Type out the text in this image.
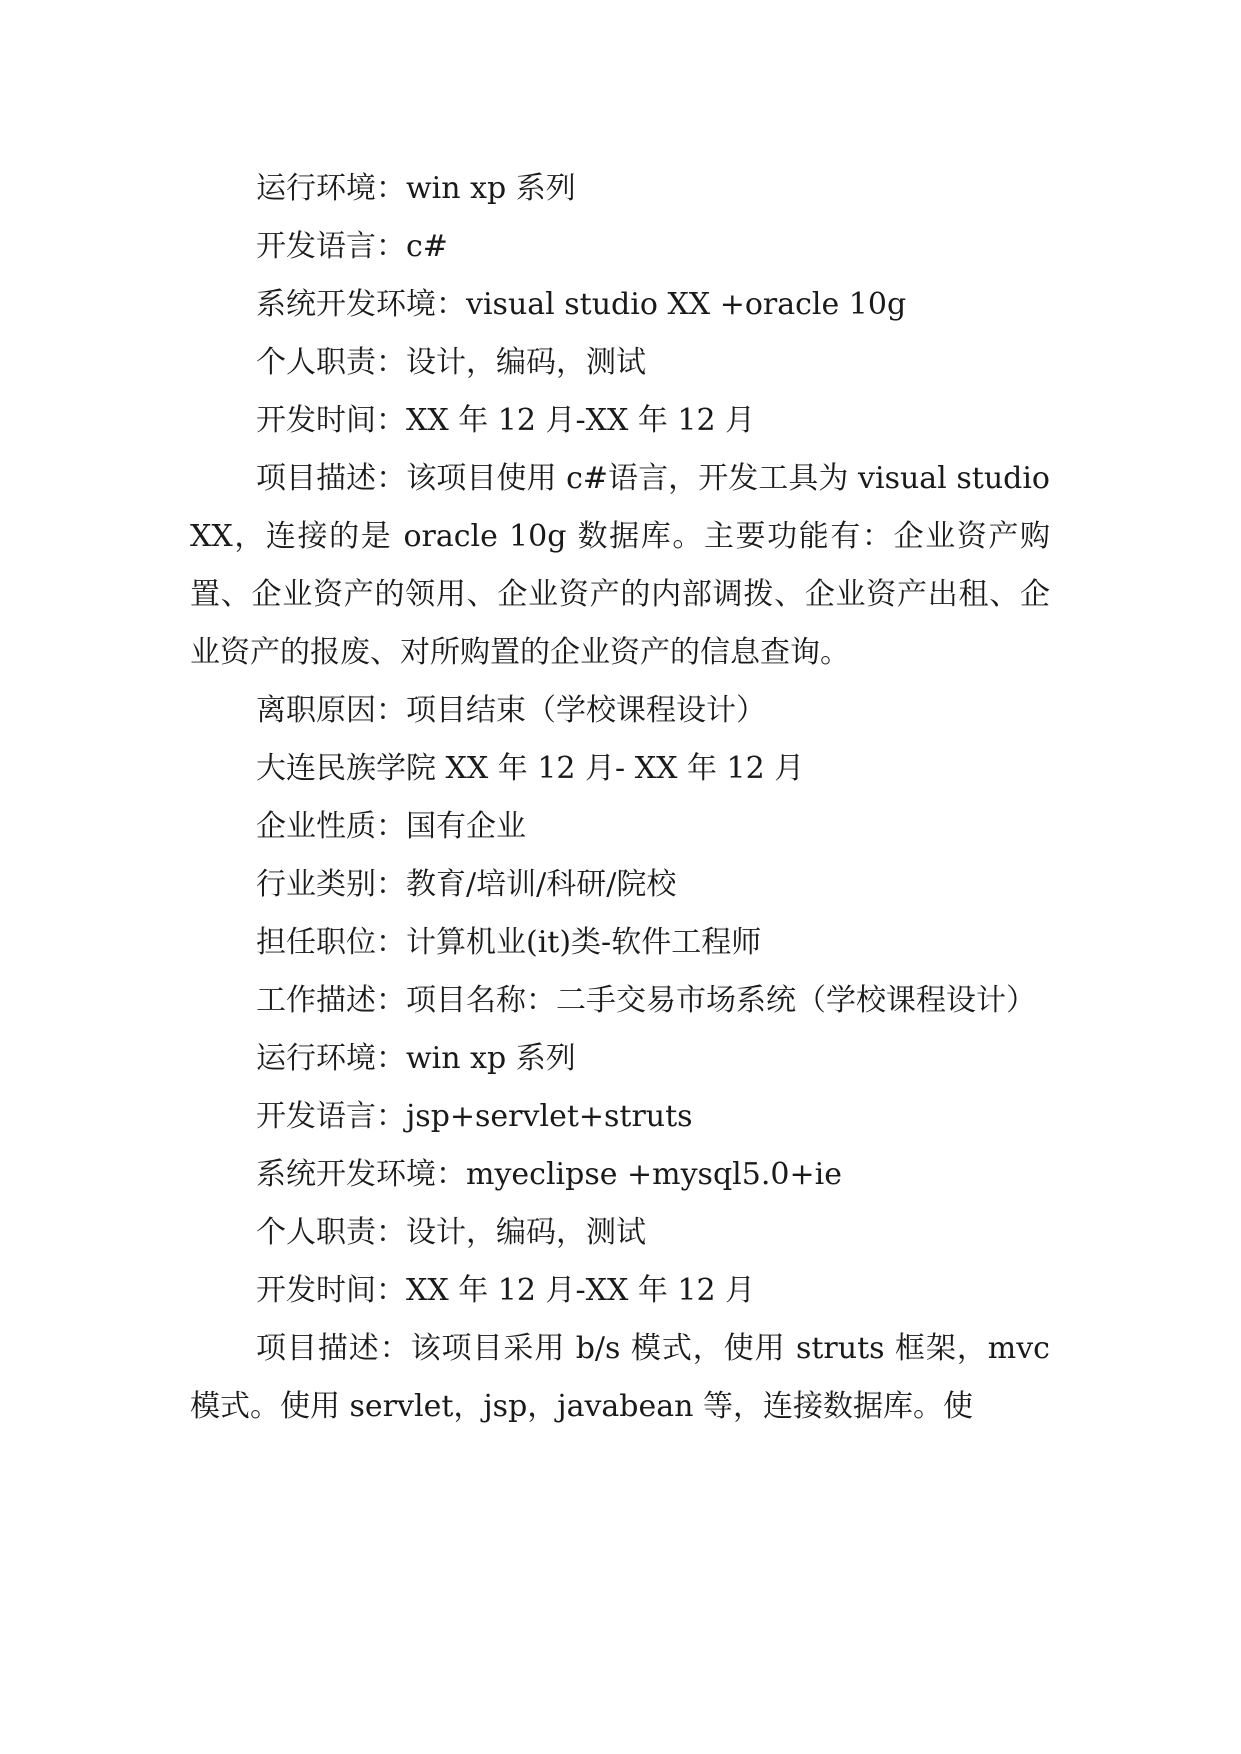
运行环境：win xp 系列

开发语言：c#

系统开发环境：visual studio XX +oracle 10g

个人职责：设计，编码，测试

开发时间：XX 年 12 月-XX 年 12 月

项目描述：该项目使用 c#语言，开发工具为 visual studio XX，连接的是 oracle 10g 数据库。主要功能有：企业资产购置、企业资产的领用、企业资产的内部调拨、企业资产出租、企业资产的报废、对所购置的企业资产的信息查询。

离职原因：项目结束（学校课程设计）

大连民族学院 XX 年 12 月- XX 年 12 月

企业性质：国有企业

行业类别：教育/培训/科研/院校

担任职位：计算机业(it)类-软件工程师

工作描述：项目名称：二手交易市场系统（学校课程设计）

运行环境：win xp 系列

开发语言：jsp+servlet+struts

系统开发环境：myeclipse +mysql5.0+ie

个人职责：设计，编码，测试

开发时间：XX 年 12 月-XX 年 12 月

项目描述：该项目采用 b/s 模式，使用 struts 框架，mvc 模式。使用 servlet，jsp，javabean 等，连接数据库。使
